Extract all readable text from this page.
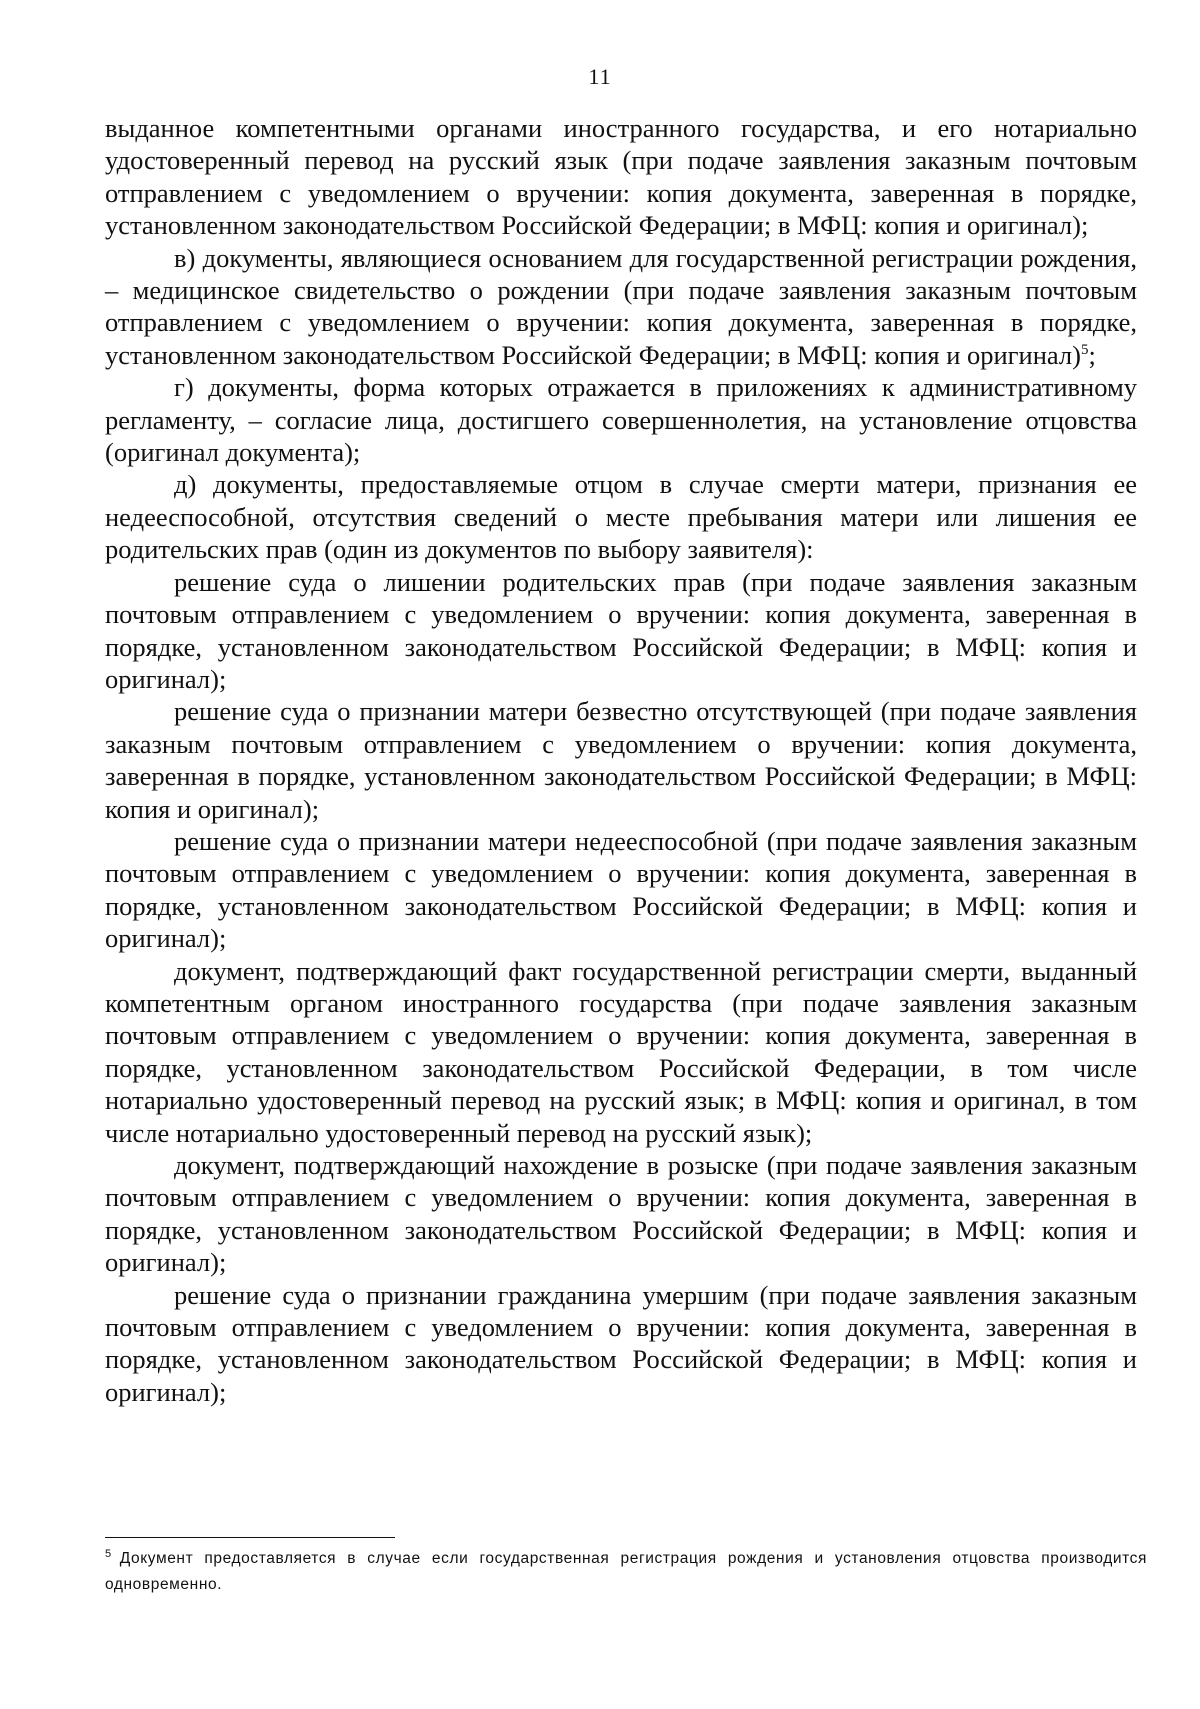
11

выданное компетентными органами иностранного государства, и его нотариально удостоверенный перевод на русский язык (при подаче заявления заказным почтовым отправлением с уведомлением о вручении: копия документа, заверенная в порядке, установленном законодательством Российской Федерации; в МФЦ: копия и оригинал);

в) документы, являющиеся основанием для государственной регистрации рождения, – медицинское свидетельство о рождении (при подаче заявления заказным почтовым отправлением с уведомлением о вручении: копия документа, заверенная в порядке, установленном законодательством Российской Федерации; в МФЦ: копия и оригинал)$^5$;

г) документы, форма которых отражается в приложениях к административному регламенту, – согласие лица, достигшего совершеннолетия, на установление отцовства (оригинал документа);

д) документы, предоставляемые отцом в случае смерти матери, признания ее недееспособной, отсутствия сведений о месте пребывания матери или лишения ее родительских прав (один из документов по выбору заявителя):

решение суда о лишении родительских прав (при подаче заявления заказным почтовым отправлением с уведомлением о вручении: копия документа, заверенная в порядке, установленном законодательством Российской Федерации; в МФЦ: копия и оригинал);

решение суда о признании матери безвестно отсутствующей (при подаче заявления заказным почтовым отправлением с уведомлением о вручении: копия документа, заверенная в порядке, установленном законодательством Российской Федерации; в МФЦ: копия и оригинал);

решение суда о признании матери недееспособной (при подаче заявления заказным почтовым отправлением с уведомлением о вручении: копия документа, заверенная в порядке, установленном законодательством Российской Федерации; в МФЦ: копия и оригинал);

документ, подтверждающий факт государственной регистрации смерти, выданный компетентным органом иностранного государства (при подаче заявления заказным почтовым отправлением с уведомлением о вручении: копия документа, заверенная в порядке, установленном законодательством Российской Федерации, в том числе нотариально удостоверенный перевод на русский язык; в МФЦ: копия и оригинал, в том числе нотариально удостоверенный перевод на русский язык);

документ, подтверждающий нахождение в розыске (при подаче заявления заказным почтовым отправлением с уведомлением о вручении: копия документа, заверенная в порядке, установленном законодательством Российской Федерации; в МФЦ: копия и оригинал);

решение суда о признании гражданина умершим (при подаче заявления заказным почтовым отправлением с уведомлением о вручении: копия документа, заверенная в порядке, установленном законодательством Российской Федерации; в МФЦ: копия и оригинал);

$^5$ Документ предоставляется в случае если государственная регистрация рождения и установления отцовства производится одновременно.
